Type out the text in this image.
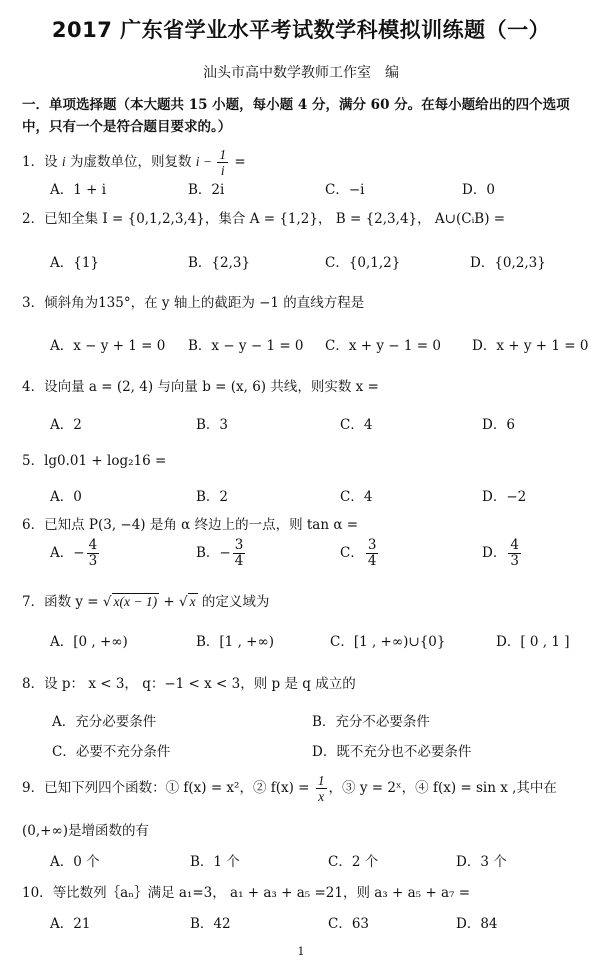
2017 广东省学业水平考试数学科模拟训练题（一）
汕头市高中数学教师工作室　编
一．单项选择题（本大题共 15 小题，每小题 4 分，满分 60 分。在每小题给出的四个选项中，只有一个是符合题目要求的。）
1．设 i 为虚数单位，则复数 $i - \frac{1}{i}$ =
A．1 + i	B．2i	C．−i	D．0
2．已知全集 I = {0,1,2,3,4}，集合 A = {1,2}， B = {2,3,4}， A∪(CᵢB) =
A．{1}	B．{2,3}	C．{0,1,2}	D．{0,2,3}
3．倾斜角为135°，在 y 轴上的截距为 −1 的直线方程是
A．x − y + 1 = 0 B．x − y − 1 = 0 C．x + y − 1 = 0 D．x + y + 1 = 0
4．设向量 a = (2, 4) 与向量 b = (x, 6) 共线，则实数 x =
A．2	B．3	C．4	D．6
5．lg0.01 + log₂16 =
A．0	B．2	C．4	D．−2
6．已知点 P(3, −4) 是角 α 终边上的一点，则 tan α =
A．− $\frac{4}{3}$	B．− $\frac{3}{4}$	C． $\frac{3}{4}$	D． $\frac{4}{3}$
7．函数 y = √ x(x − 1) + √ x 的定义域为
A．[0 , +∞)	B．[1 , +∞)	C．[1 , +∞)∪{0}	D．[ 0 , 1 ]
8．设 p： x < 3， q：−1 < x < 3，则 p 是 q 成立的
A．充分必要条件	B．充分不必要条件
C．必要不充分条件	D．既不充分也不必要条件
9．已知下列四个函数：① f(x) = x²，② $f(x) = \frac{1}{x}$ ，③ y = 2ˣ，④ f(x) = sin x ,其中在
(0,+∞)是增函数的有
A．0 个	B．1 个	C．2 个	D．3 个
10．等比数列｛aₙ｝满足 a₁=3， a₁ + a₃ + a₅ =21，则 a₃ + a₅ + a₇ =
A．21	B．42	C．63	D．84
1
